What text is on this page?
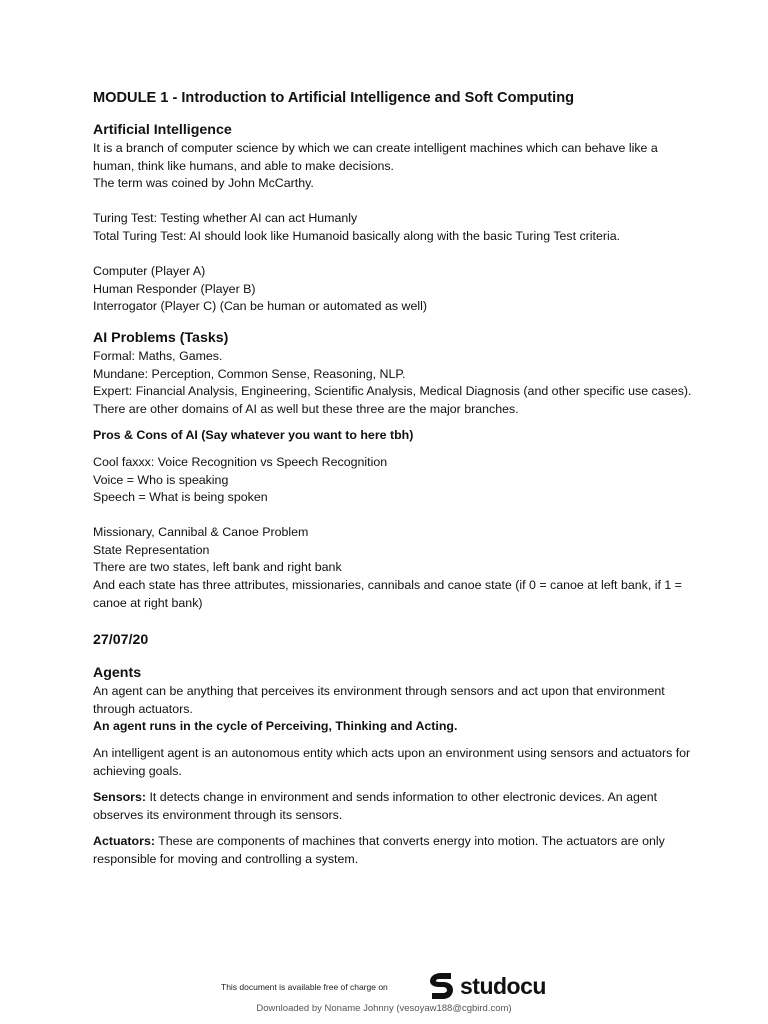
MODULE 1 - Introduction to Artificial Intelligence and Soft Computing
Artificial Intelligence

It is a branch of computer science by which we can create intelligent machines which can behave like a human, think like humans, and able to make decisions.

The term was coined by John McCarthy.

Turing Test: Testing whether AI can act Humanly

Total Turing Test: AI should look like Humanoid basically along with the basic Turing Test criteria.

Computer (Player A)

Human Responder (Player B)

Interrogator (Player C) (Can be human or automated as well)

AI Problems (Tasks)

Formal: Maths, Games.

Mundane: Perception, Common Sense, Reasoning, NLP.

Expert: Financial Analysis, Engineering, Scientific Analysis, Medical Diagnosis (and other specific use cases).

There are other domains of AI as well but these three are the major branches.

Pros & Cons of AI (Say whatever you want to here tbh)

Cool faxxx: Voice Recognition vs Speech Recognition

Voice = Who is speaking

Speech = What is being spoken

Missionary, Cannibal & Canoe Problem

State Representation

There are two states, left bank and right bank

And each state has three attributes, missionaries, cannibals and canoe state (if 0 = canoe at left bank, if 1 = canoe at right bank)

27/07/20
Agents

An agent can be anything that perceives its environment through sensors and act upon that environment through actuators.

An agent runs in the cycle of Perceiving, Thinking and Acting.

An intelligent agent is an autonomous entity which acts upon an environment using sensors and actuators for achieving goals.

Sensors: It detects change in environment and sends information to other electronic devices. An agent observes its environment through its sensors.

Actuators: These are components of machines that converts energy into motion. The actuators are only responsible for moving and controlling a system.

This document is available free of charge on	studocu
Downloaded by Noname Johnny (vesoyaw188@cgbird.com)
